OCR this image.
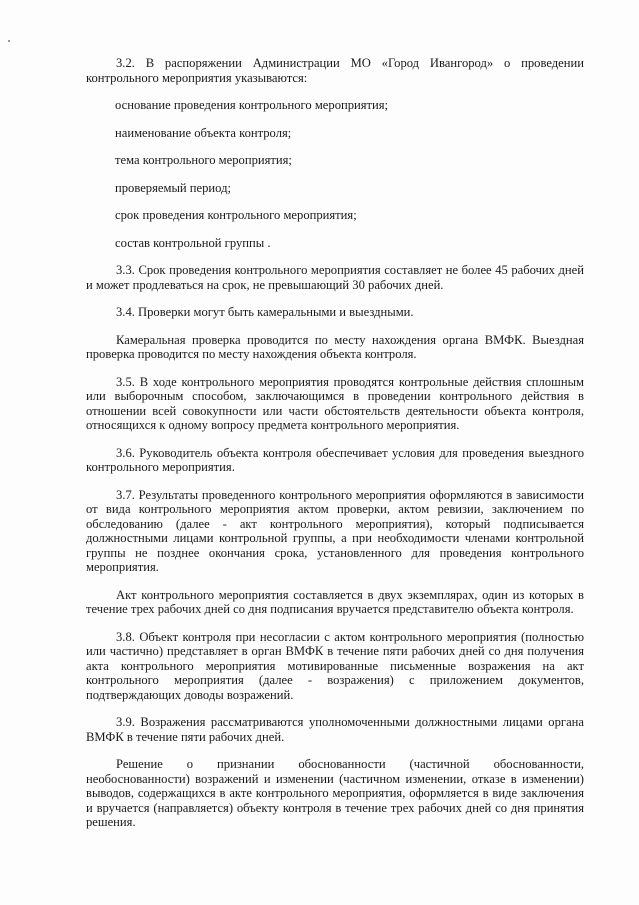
3.2. В распоряжении Администрации МО «Город Ивангород» о проведении контрольного мероприятия указываются:

основание проведения контрольного мероприятия;

наименование объекта контроля;

тема контрольного мероприятия;

проверяемый период;

срок проведения контрольного мероприятия;

состав контрольной группы .

3.3. Срок проведения контрольного мероприятия составляет не более 45 рабочих дней и может продлеваться на срок, не превышающий 30 рабочих дней.

3.4. Проверки могут быть камеральными и выездными.

Камеральная проверка проводится по месту нахождения органа ВМФК. Выездная проверка проводится по месту нахождения объекта контроля.

3.5. В ходе контрольного мероприятия проводятся контрольные действия сплошным или выборочным способом, заключающимся в проведении контрольного действия в отношении всей совокупности или части обстоятельств деятельности объекта контроля, относящихся к одному вопросу предмета контрольного мероприятия.

3.6. Руководитель объекта контроля обеспечивает условия для проведения выездного контрольного мероприятия.

3.7. Результаты проведенного контрольного мероприятия оформляются в зависимости от вида контрольного мероприятия актом проверки, актом ревизии, заключением по обследованию (далее - акт контрольного мероприятия), который подписывается должностными лицами контрольной группы, а при необходимости членами контрольной группы не позднее окончания срока, установленного для проведения контрольного мероприятия.

Акт контрольного мероприятия составляется в двух экземплярах, один из которых в течение трех рабочих дней со дня подписания вручается представителю объекта контроля.

3.8. Объект контроля при несогласии с актом контрольного мероприятия (полностью или частично) представляет в орган ВМФК в течение пяти рабочих дней со дня получения акта контрольного мероприятия мотивированные письменные возражения на акт контрольного мероприятия (далее - возражения) с приложением документов, подтверждающих доводы возражений.

3.9. Возражения рассматриваются уполномоченными должностными лицами органа ВМФК в течение пяти рабочих дней.

Решение о признании обоснованности (частичной обоснованности, необоснованности) возражений и изменении (частичном изменении, отказе в изменении) выводов, содержащихся в акте контрольного мероприятия, оформляется в виде заключения и вручается (направляется) объекту контроля в течение трех рабочих дней со дня принятия решения.
